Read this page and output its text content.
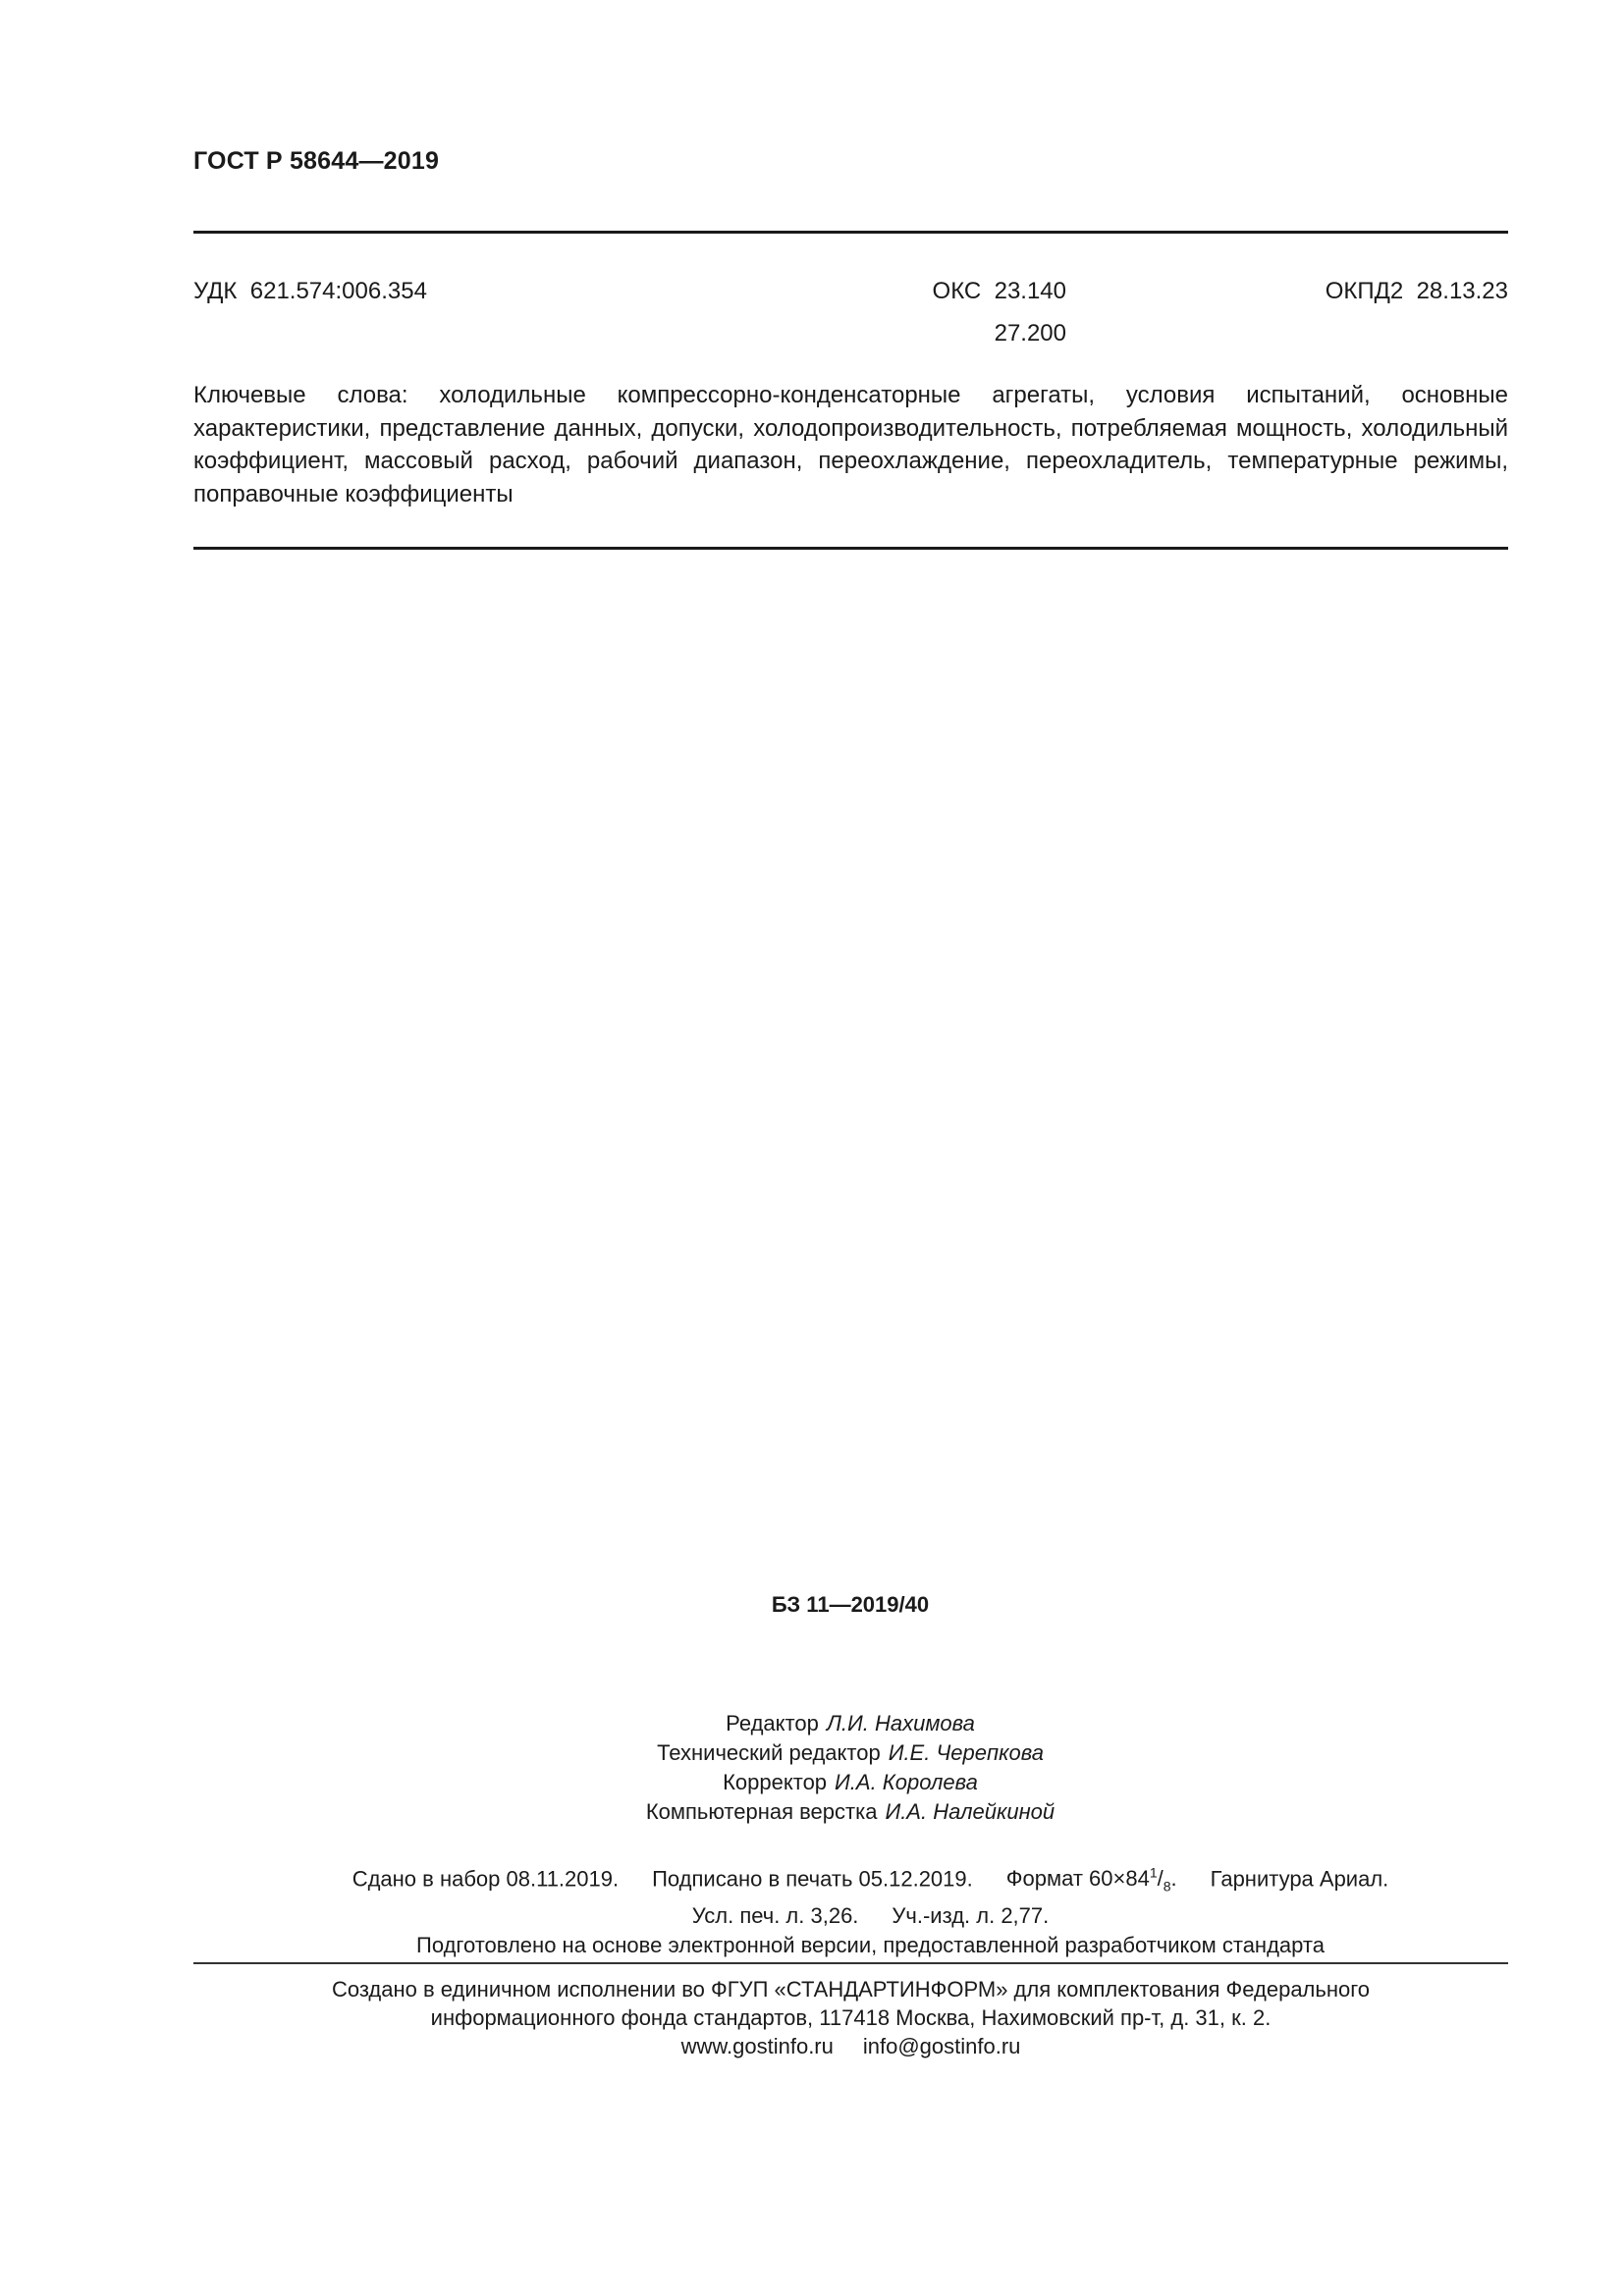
ГОСТ Р 58644—2019
УДК 621.574:006.354	ОКС 23.140
27.200
ОКПД2 28.13.23
Ключевые слова: холодильные компрессорно-конденсаторные агрегаты, условия испытаний, основные характеристики, представление данных, допуски, холодопроизводительность, потребляемая мощность, холодильный коэффициент, массовый расход, рабочий диапазон, переохлаждение, переохладитель, температурные режимы, поправочные коэффициенты
БЗ 11—2019/40
Редактор Л.И. Нахимова
Технический редактор И.Е. Черепкова
Корректор И.А. Королева
Компьютерная верстка И.А. Налейкиной
Сдано в набор 08.11.2019. Подписано в печать 05.12.2019. Формат $60\times 84^1/_8$. Гарнитура Ариал.
Усл. печ. л. 3,26. Уч.-изд. л. 2,77.
Подготовлено на основе электронной версии, предоставленной разработчиком стандарта
Создано в единичном исполнении во ФГУП «СТАНДАРТИНФОРМ» для комплектования Федерального
информационного фонда стандартов, 117418 Москва, Нахимовский пр-т, д. 31, к. 2.
www.gostinfo.ru info@gostinfo.ru
